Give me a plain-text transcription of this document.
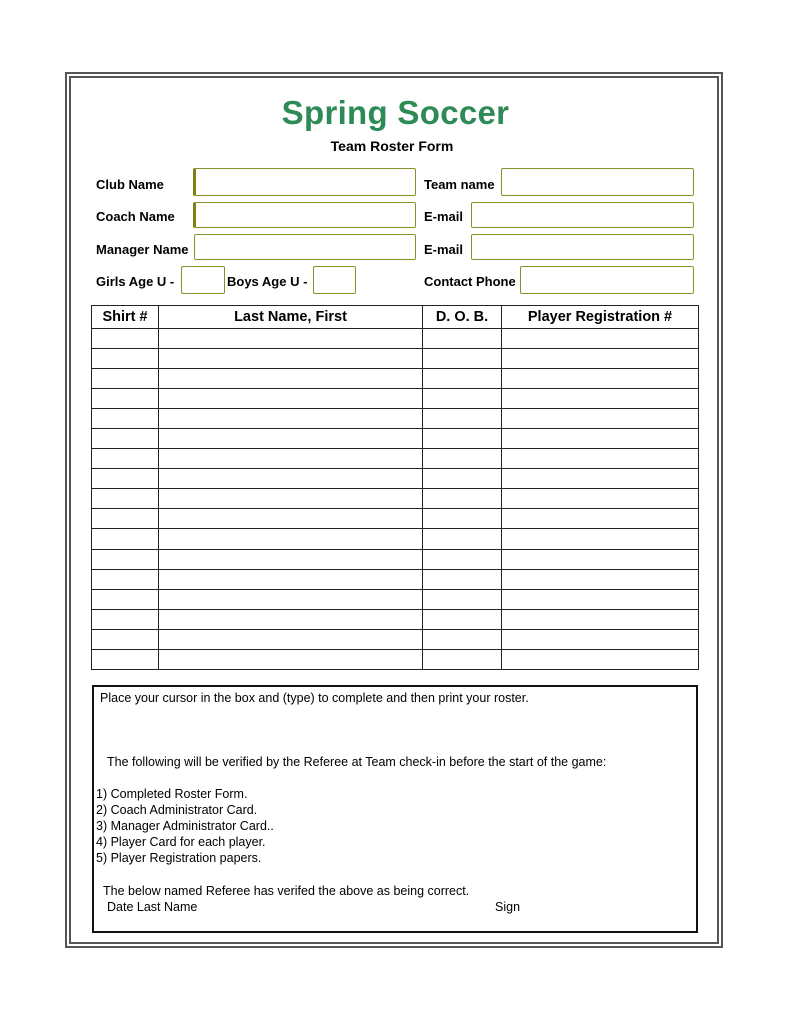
Spring Soccer
Team Roster Form
Club Name	Team name
Coach Name	E-mail
Manager Name	E-mail
Girls Age U -	Boys Age U -	Contact Phone
Shirt #	Last Name, First	D. O. B.	Player Registration #

Place your cursor in the box and (type) to complete and then print your roster.
The following will be verified by the Referee at Team check-in before the start of the game:
1) Completed Roster Form.
2) Coach Administrator Card.
3) Manager Administrator Card..
4) Player Card for each player.
5) Player Registration papers.
The below named Referee has verifed the above as being correct.
Date Last Name	Sign
